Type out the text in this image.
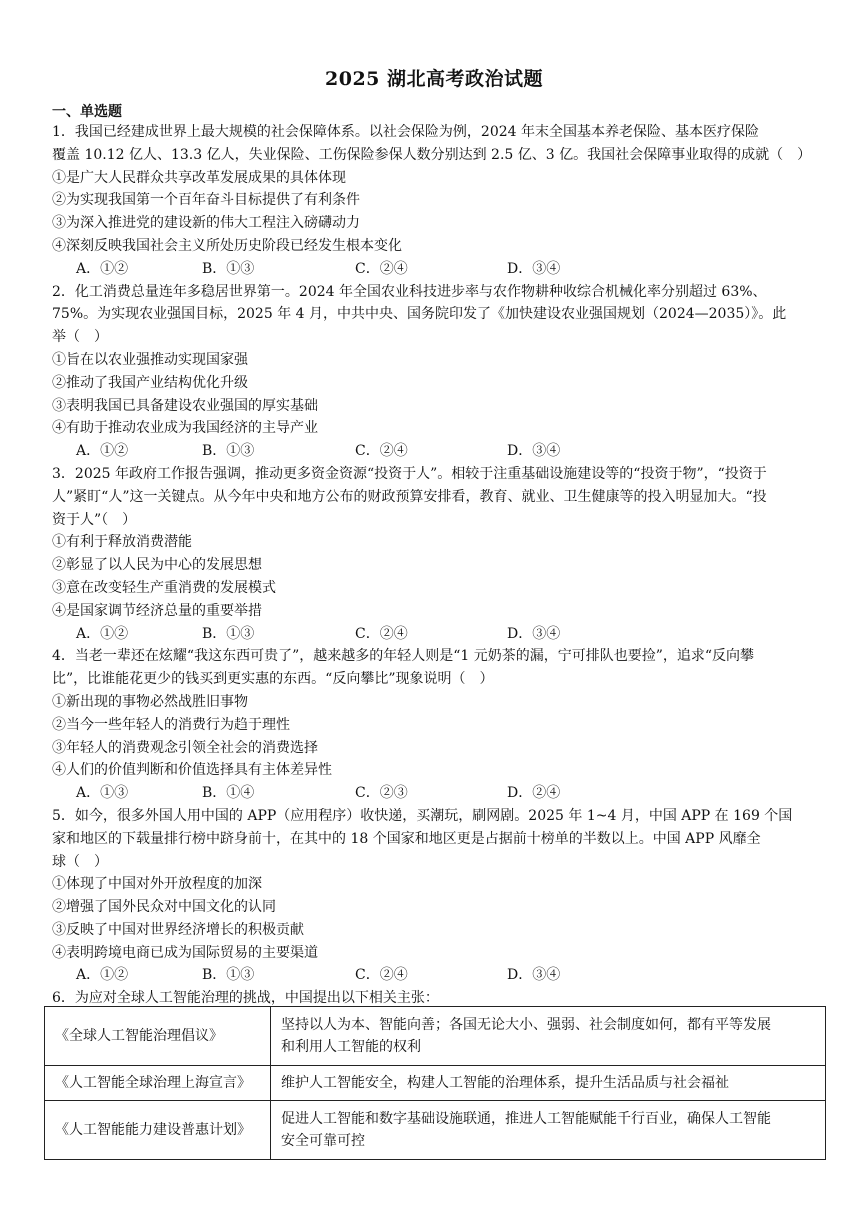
2025 湖北高考政治试题
一、单选题
1．我国已经建成世界上最大规模的社会保障体系。以社会保险为例，2024 年末全国基本养老保险、基本医疗保险
覆盖 10.12 亿人、13.3 亿人，失业保险、工伤保险参保人数分别达到 2.5 亿、3 亿。我国社会保障事业取得的成就（　）
①是广大人民群众共享改革发展成果的具体体现
②为实现我国第一个百年奋斗目标提供了有利条件
③为深入推进党的建设新的伟大工程注入磅礴动力
④深刻反映我国社会主义所处历史阶段已经发生根本变化
A．①②	B．①③	C．②④	D．③④
2．化工消费总量连年多稳居世界第一。2024 年全国农业科技进步率与农作物耕种收综合机械化率分别超过 63%、
75%。为实现农业强国目标，2025 年 4 月，中共中央、国务院印发了《加快建设农业强国规划（2024—2035）》。此
举（　）
①旨在以农业强推动实现国家强
②推动了我国产业结构优化升级
③表明我国已具备建设农业强国的厚实基础
④有助于推动农业成为我国经济的主导产业
A．①②	B．①③	C．②④	D．③④
3．2025 年政府工作报告强调，推动更多资金资源“投资于人”。相较于注重基础设施建设等的“投资于物”，“投资于
人”紧盯“人”这一关键点。从今年中央和地方公布的财政预算安排看，教育、就业、卫生健康等的投入明显加大。“投
资于人”（　）
①有利于释放消费潜能
②彰显了以人民为中心的发展思想
③意在改变轻生产重消费的发展模式
④是国家调节经济总量的重要举措
A．①②	B．①③	C．②④	D．③④
4．当老一辈还在炫耀“我这东西可贵了”，越来越多的年轻人则是“1 元奶茶的漏，宁可排队也要捡”，追求“反向攀
比”，比谁能花更少的钱买到更实惠的东西。“反向攀比”现象说明（　）
①新出现的事物必然战胜旧事物
②当今一些年轻人的消费行为趋于理性
③年轻人的消费观念引领全社会的消费选择
④人们的价值判断和价值选择具有主体差异性
A．①③	B．①④	C．②③	D．②④
5．如今，很多外国人用中国的 APP（应用程序）收快递，买潮玩，刷网剧。2025 年 1~4 月，中国 APP 在 169 个国
家和地区的下载量排行榜中跻身前十，在其中的 18 个国家和地区更是占据前十榜单的半数以上。中国 APP 风靡全
球（　）
①体现了中国对外开放程度的加深
②增强了国外民众对中国文化的认同
③反映了中国对世界经济增长的积极贡献
④表明跨境电商已成为国际贸易的主要渠道
A．①②	B．①③	C．②④	D．③④
6．为应对全球人工智能治理的挑战，中国提出以下相关主张：
《全球人工智能治理倡议》	坚持以人为本、智能向善；各国无论大小、强弱、社会制度如何，都有平等发展
和利用人工智能的权利

《人工智能全球治理上海宣言》	维护人工智能安全，构建人工智能的治理体系，提升生活品质与社会福祉

《人工智能能力建设普惠计划》	促进人工智能和数字基础设施联通，推进人工智能赋能千行百业，确保人工智能
安全可靠可控
